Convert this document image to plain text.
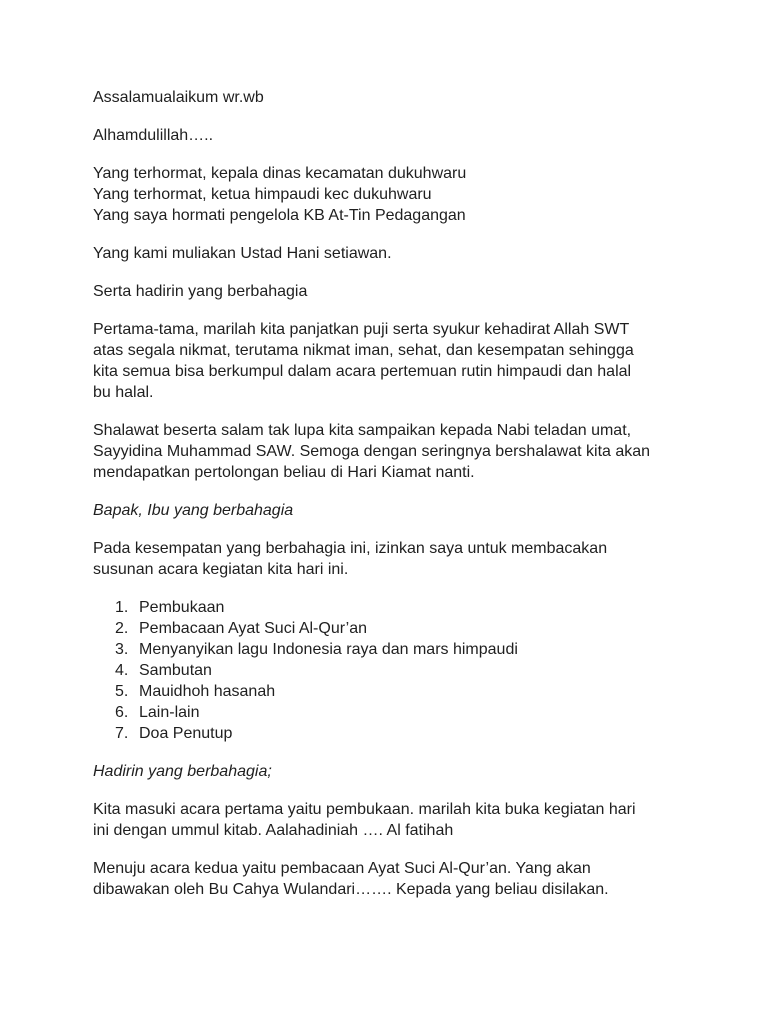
Assalamualaikum wr.wb

Alhamdulillah…..

Yang terhormat, kepala dinas kecamatan dukuhwaru
Yang terhormat, ketua himpaudi kec dukuhwaru
Yang saya hormati pengelola KB At-Tin Pedagangan

Yang kami muliakan Ustad Hani setiawan.

Serta hadirin yang berbahagia

Pertama-tama, marilah kita panjatkan puji serta syukur kehadirat Allah SWT
atas segala nikmat, terutama nikmat iman, sehat, dan kesempatan sehingga
kita semua bisa berkumpul dalam acara pertemuan rutin himpaudi dan halal
bu halal.

Shalawat beserta salam tak lupa kita sampaikan kepada Nabi teladan umat,
Sayyidina Muhammad SAW. Semoga dengan seringnya bershalawat kita akan
mendapatkan pertolongan beliau di Hari Kiamat nanti.

Bapak, Ibu yang berbahagia

Pada kesempatan yang berbahagia ini, izinkan saya untuk membacakan
susunan acara kegiatan kita hari ini.

1. Pembukaan
2. Pembacaan Ayat Suci Al-Qur’an
3. Menyanyikan lagu Indonesia raya dan mars himpaudi
4. Sambutan
5. Mauidhoh hasanah
6. Lain-lain
7. Doa Penutup

Hadirin yang berbahagia;

Kita masuki acara pertama yaitu pembukaan. marilah kita buka kegiatan hari
ini dengan ummul kitab. Aalahadiniah …. Al fatihah

Menuju acara kedua yaitu pembacaan Ayat Suci Al-Qur’an. Yang akan
dibawakan oleh Bu Cahya Wulandari……. Kepada yang beliau disilakan.
